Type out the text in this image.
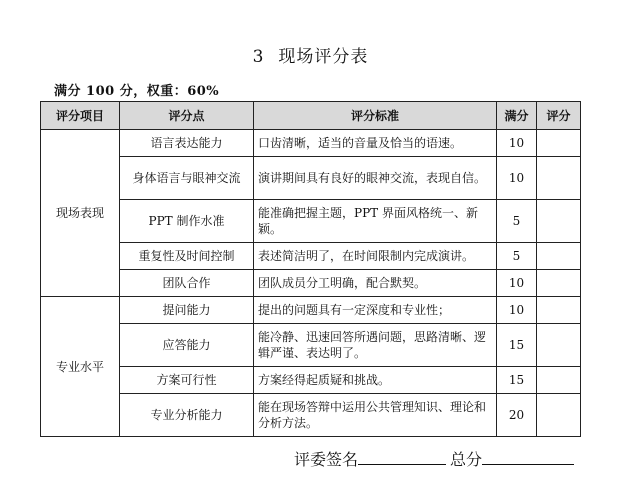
3 现场评分表
满分 100 分，权重：60%
评分项目	评分点	评分标准	满分	评分
现场表现	语言表达能力	口齿清晰，适当的音量及恰当的语速。	10	
	身体语言与眼神交流	演讲期间具有良好的眼神交流，表现自信。	10	
	PPT 制作水准	能准确把握主题，PPT 界面风格统一、新颖。	5	
	重复性及时间控制	表述简洁明了，在时间限制内完成演讲。	5	
	团队合作	团队成员分工明确，配合默契。	10	
专业水平	提问能力	提出的问题具有一定深度和专业性；	10	
	应答能力	能冷静、迅速回答所遇问题，思路清晰、逻辑严谨、表达明了。	15	
	方案可行性	方案经得起质疑和挑战。	15	
	专业分析能力	能在现场答辩中运用公共管理知识、理论和分析方法。	20	
评委签名	总分
